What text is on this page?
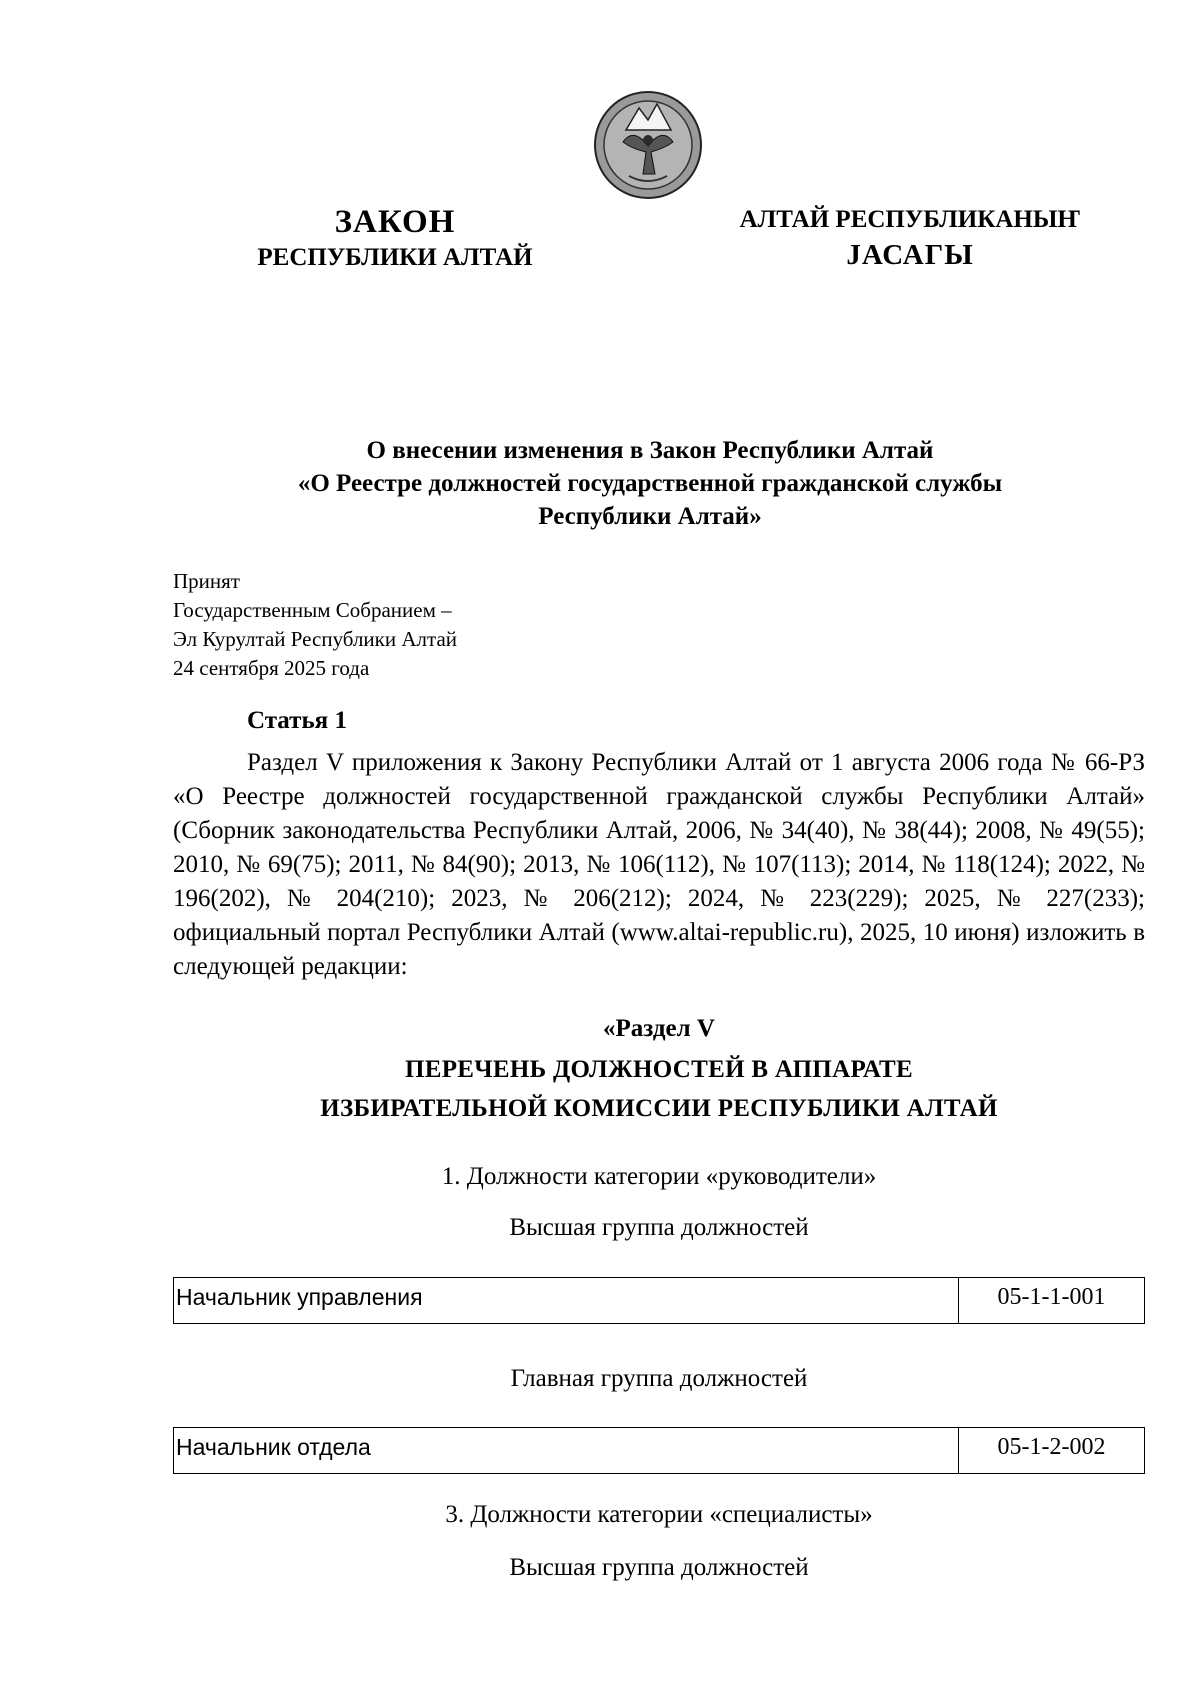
ЗАКОН
РЕСПУБЛИКИ АЛТАЙ
АЛТАЙ РЕСПУБЛИКАНЫҤ
JАСАГЫ
О внесении изменения в Закон Республики Алтай
«О Реестре должностей государственной гражданской службы
Республики Алтай»
Принят
Государственным Собранием –
Эл Курултай Республики Алтай
24 сентября 2025 года
Статья 1
Раздел V приложения к Закону Республики Алтай от 1 августа 2006 года № 66-РЗ «О Реестре должностей государственной гражданской службы Республики Алтай» (Сборник законодательства Республики Алтай, 2006, № 34(40), № 38(44); 2008, № 49(55); 2010, № 69(75); 2011, № 84(90); 2013, № 106(112), № 107(113); 2014, № 118(124); 2022, № 196(202), № 204(210); 2023, № 206(212); 2024, № 223(229); 2025, № 227(233); официальный портал Республики Алтай (www.altai-republic.ru), 2025, 10 июня) изложить в следующей редакции:
«Раздел V
ПЕРЕЧЕНЬ ДОЛЖНОСТЕЙ В АППАРАТЕ
ИЗБИРАТЕЛЬНОЙ КОМИССИИ РЕСПУБЛИКИ АЛТАЙ
1. Должности категории «руководители»
Высшая группа должностей
Начальник управления	05-1-1-001
Главная группа должностей
Начальник отдела	05-1-2-002
3. Должности категории «специалисты»
Высшая группа должностей
